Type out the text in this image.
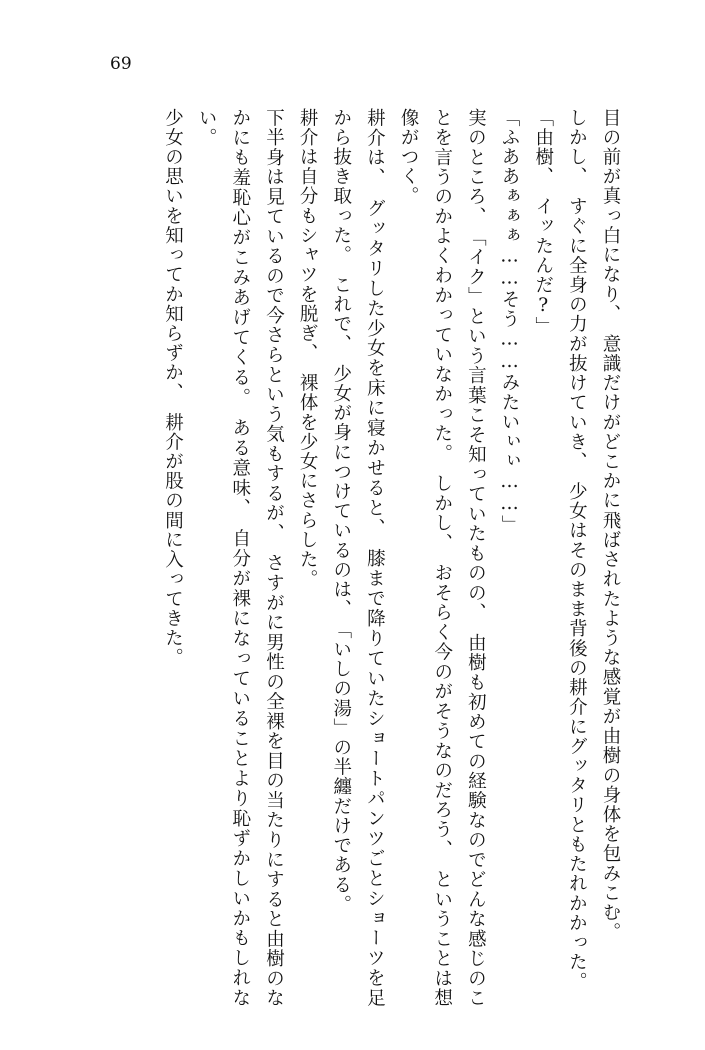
69

目の前が真っ白になり、　意識だけがどこかに飛ばされたような感覚が由樹の身体を包みこむ。

しかし、　すぐに全身の力が抜けていき、　少女はそのまま背後の耕介にグッタリともたれかかった。

「由樹、　イッたんだ?」

「ふああぁぁぁ……そう……みたいぃぃ……」

実のところ、　「イク」という言葉こそ知っていたものの、　由樹も初めての経験なのでどんな感じのことを言うのかよくわかっていなかった。　しかし、　おそらく今のがそうなのだろう、　ということは想像がつく。

耕介は、　グッタリした少女を床に寝かせると、　膝まで降りていたショートパンツごとショーツを足から抜き取った。　これで、　少女が身につけているのは、　「いしの湯」の半纏だけである。

耕介は自分もシャツを脱ぎ、　裸体を少女にさらした。

下半身は見ているので今さらという気もするが、　さすがに男性の全裸を目の当たりにすると由樹のなかにも羞恥心がこみあげてくる。　ある意味、　自分が裸になっていることより恥ずかしいかもしれない。

少女の思いを知ってか知らずか、　耕介が股の間に入ってきた。
